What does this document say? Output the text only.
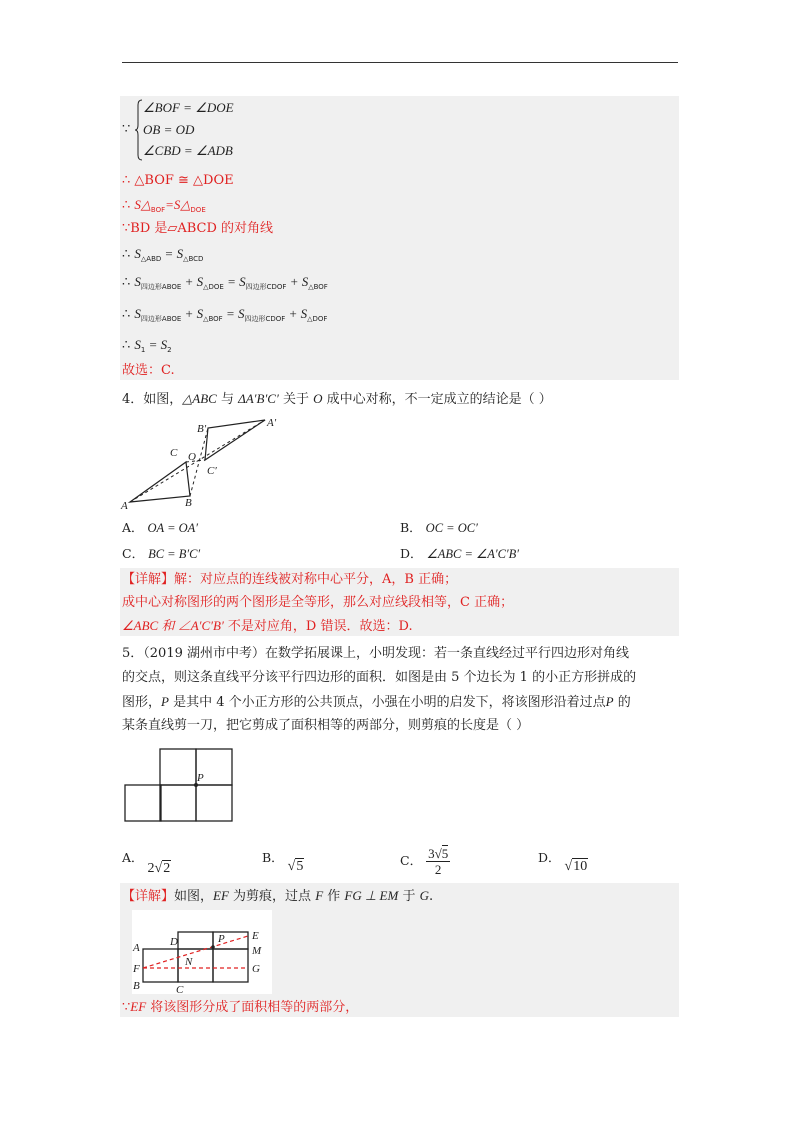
∵
∠BOF = ∠DOE
OB = OD
∠CBD = ∠ADB
∴ △BOF ≅ △DOE
∴ $S\triangle_{BOF}=S\triangle_{DOE}$
∵BD 是▱ABCD 的对角线
∴ $S_{\triangle ABD} = S_{\triangle BCD}$
∴ $S_{四边形ABOE} + S_{\triangle DOE} = S_{四边形CDOF} + S_{\triangle BOF}$
∴ $S_{四边形ABOE} + S_{\triangle BOF} = S_{四边形CDOF} + S_{\triangle DOF}$
∴ $S_1 = S_2$
故选：C.
4．如图，△ABC 与 ΔA′B′C′ 关于 O 成中心对称，不一定成立的结论是（ ）
A	B
C O
A′
B′
C′
A． OA = OA′	B． OC = OC′
C． BC = B′C′	D． ∠ABC = ∠A′C′B′
【详解】解：对应点的连线被对称中心平分，A，B 正确；
成中心对称图形的两个图形是全等形，那么对应线段相等，C 正确；
∠ABC 和 ∠A′C′B′ 不是对应角，D 错误．故选：D.
5．（2019 湖州市中考）在数学拓展课上，小明发现：若一条直线经过平行四边形对角线
的交点，则这条直线平分该平行四边形的面积．如图是由 5 个边长为 1 的小正方形拼成的
图形，P 是其中 4 个小正方形的公共顶点，小强在小明的启发下，将该图形沿着过点P 的
某条直线剪一刀，把它剪成了面积相等的两部分，则剪痕的长度是（ ）
P
A． 2√2
B． √5	C． $\frac{3√5}{2}$	D． √10
【详解】如图，EF 为剪痕，过点 F 作 FG ⊥ EM 于 G.
A
B	C
D	E
F	G
M
N
P
∵EF 将该图形分成了面积相等的两部分，
